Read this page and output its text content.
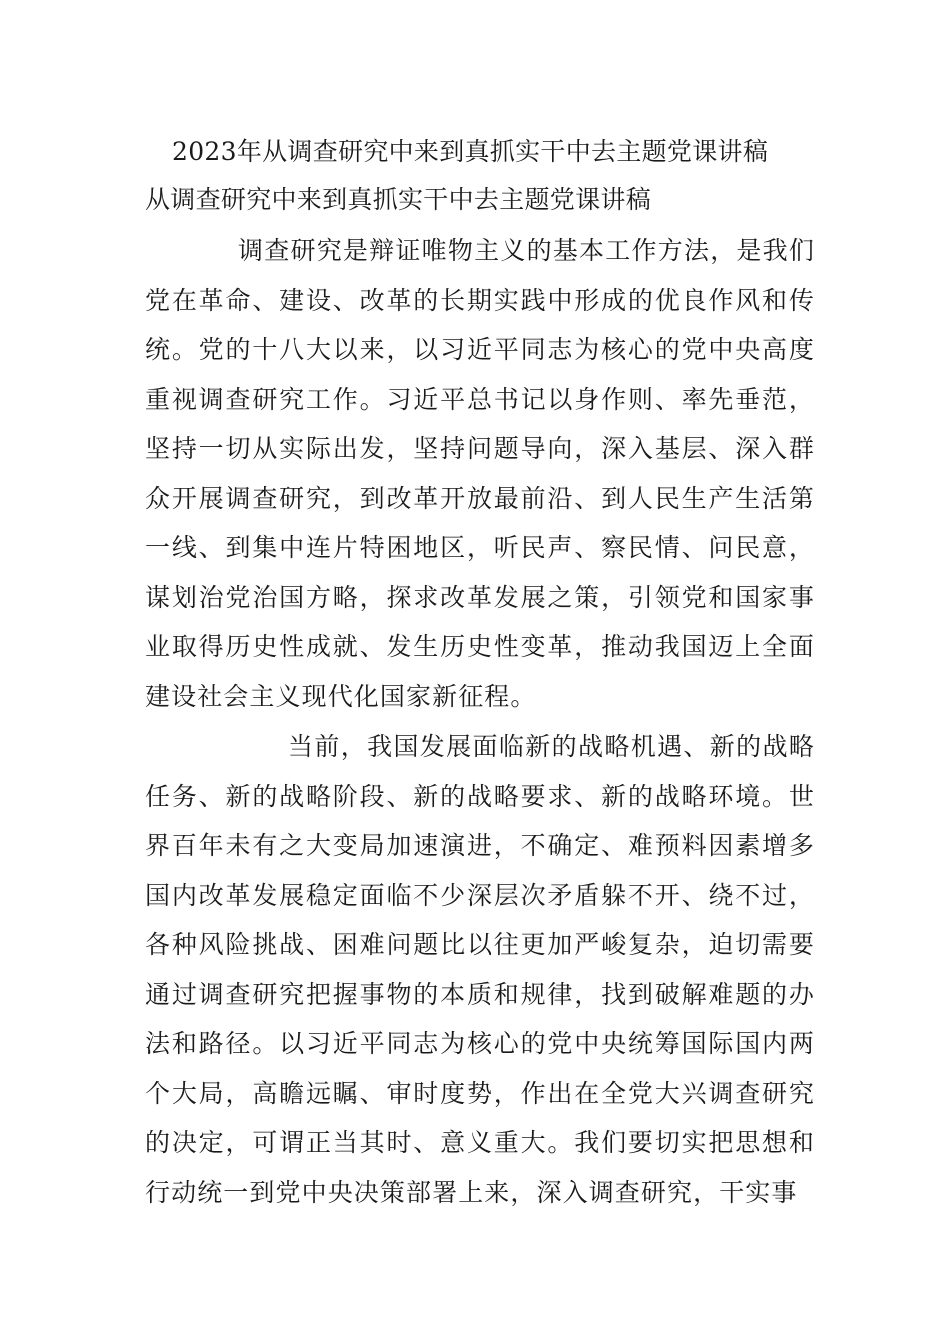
2023年从调查研究中来到真抓实干中去主题党课讲稿
从调查研究中来到真抓实干中去主题党课讲稿
调查研究是辩证唯物主义的基本工作方法，是我们党在革命、建设、改革的长期实践中形成的优良作风和传统。党的十八大以来，以习近平同志为核心的党中央高度重视调查研究工作。习近平总书记以身作则、率先垂范，坚持一切从实际出发，坚持问题导向，深入基层、深入群众开展调查研究，到改革开放最前沿、到人民生产生活第一线、到集中连片特困地区，听民声、察民情、问民意，谋划治党治国方略，探求改革发展之策，引领党和国家事业取得历史性成就、发生历史性变革，推动我国迈上全面建设社会主义现代化国家新征程。
当前，我国发展面临新的战略机遇、新的战略任务、新的战略阶段、新的战略要求、新的战略环境。世界百年未有之大变局加速演进，不确定、难预料因素增多国内改革发展稳定面临不少深层次矛盾躲不开、绕不过，各种风险挑战、困难问题比以往更加严峻复杂，迫切需要通过调查研究把握事物的本质和规律，找到破解难题的办法和路径。以习近平同志为核心的党中央统筹国际国内两个大局，高瞻远瞩、审时度势，作出在全党大兴调查研究的决定，可谓正当其时、意义重大。我们要切实把思想和行动统一到党中央决策部署上来，深入调查研究，干实事
